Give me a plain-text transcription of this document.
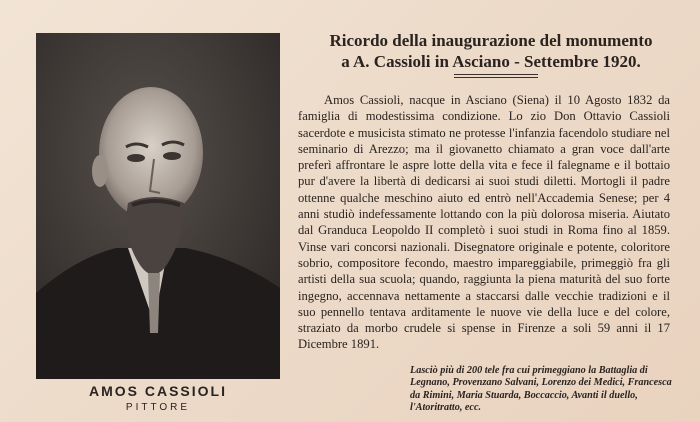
AMOS CASSIOLI
PITTORE
Ricordo della inaugurazione del monumento
a A. Cassioli in Asciano - Settembre 1920.
Amos Cassioli, nacque in Asciano (Siena) il 10 Agosto 1832 da famiglia di modestissima condizione. Lo zio Don Ottavio Cassioli sacerdote e musicista stimato ne protesse l'infanzia facendolo studiare nel seminario di Arezzo; ma il giovanetto chiamato a gran voce dall'arte preferì affrontare le aspre lotte della vita e fece il falegname e il bottaio pur d'avere la libertà di dedicarsi ai suoi studi diletti. Mortogli il padre ottenne qualche meschino aiuto ed entrò nell'Accademia Senese; per 4 anni studiò indefessamente lottando con la più dolorosa miseria. Aiutato dal Granduca Leopoldo II completò i suoi studi in Roma fino al 1859. Vinse vari concorsi nazionali. Disegnatore originale e potente, coloritore sobrio, compositore fecondo, maestro impareggiabile, primeggiò fra gli artisti della sua scuola; quando, raggiunta la piena maturità del suo forte ingegno, accennava nettamente a staccarsi dalle vecchie tradizioni e il suo pennello tentava arditamente le nuove vie della luce e del colore, straziato da morbo crudele si spense in Firenze a soli 59 anni il 17 Dicembre 1891.
Lasciò più di 200 tele fra cui primeggiano la Battaglia di Legnano, Provenzano Salvani, Lorenzo dei Medici, Francesca da Rimini, Maria Stuarda, Boccaccio, Avanti il duello, l'Atoritratto, ecc.
